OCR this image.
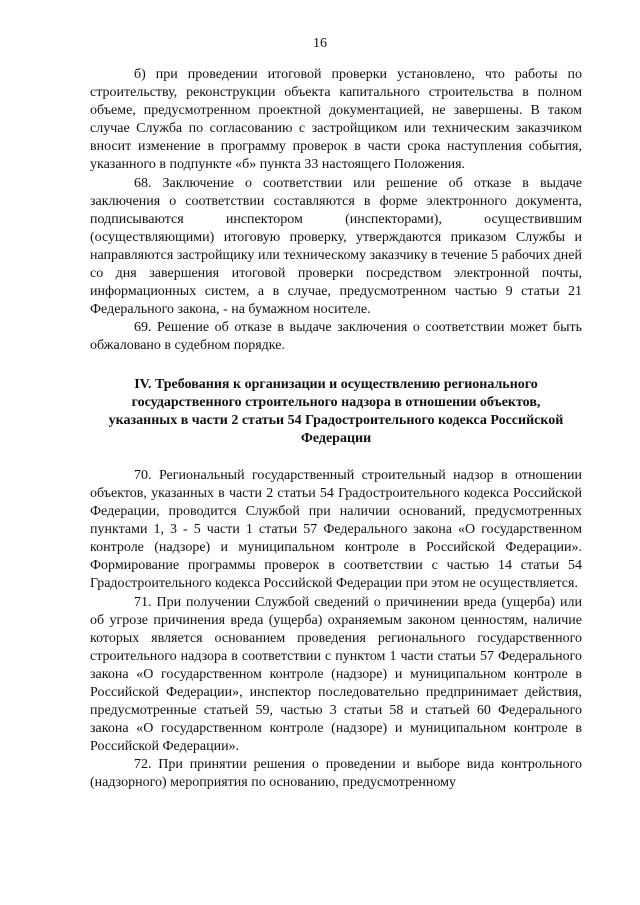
16

б) при проведении итоговой проверки установлено, что работы по строительству, реконструкции объекта капитального строительства в полном объеме, предусмотренном проектной документацией, не завершены. В таком случае Служба по согласованию с застройщиком или техническим заказчиком вносит изменение в программу проверок в части срока наступления события, указанного в подпункте «б» пункта 33 настоящего Положения.

68. Заключение о соответствии или решение об отказе в выдаче заключения о соответствии составляются в форме электронного документа, подписываются инспектором (инспекторами), осуществившим (осуществляющими) итоговую проверку, утверждаются приказом Службы и направляются застройщику или техническому заказчику в течение 5 рабочих дней со дня завершения итоговой проверки посредством электронной почты, информационных систем, а в случае, предусмотренном частью 9 статьи 21 Федерального закона, - на бумажном носителе.

69. Решение об отказе в выдаче заключения о соответствии может быть обжаловано в судебном порядке.

IV. Требования к организации и осуществлению регионального государственного строительного надзора в отношении объектов, указанных в части 2 статьи 54 Градостроительного кодекса Российской Федерации

70. Региональный государственный строительный надзор в отношении объектов, указанных в части 2 статьи 54 Градостроительного кодекса Российской Федерации, проводится Службой при наличии оснований, предусмотренных пунктами 1, 3 - 5 части 1 статьи 57 Федерального закона «О государственном контроле (надзоре) и муниципальном контроле в Российской Федерации». Формирование программы проверок в соответствии с частью 14 статьи 54 Градостроительного кодекса Российской Федерации при этом не осуществляется.

71. При получении Службой сведений о причинении вреда (ущерба) или об угрозе причинения вреда (ущерба) охраняемым законом ценностям, наличие которых является основанием проведения регионального государственного строительного надзора в соответствии с пунктом 1 части статьи 57 Федерального закона «О государственном контроле (надзоре) и муниципальном контроле в Российской Федерации», инспектор последовательно предпринимает действия, предусмотренные статьей 59, частью 3 статьи 58 и статьей 60 Федерального закона «О государственном контроле (надзоре) и муниципальном контроле в Российской Федерации».

72. При принятии решения о проведении и выборе вида контрольного (надзорного) мероприятия по основанию, предусмотренному
